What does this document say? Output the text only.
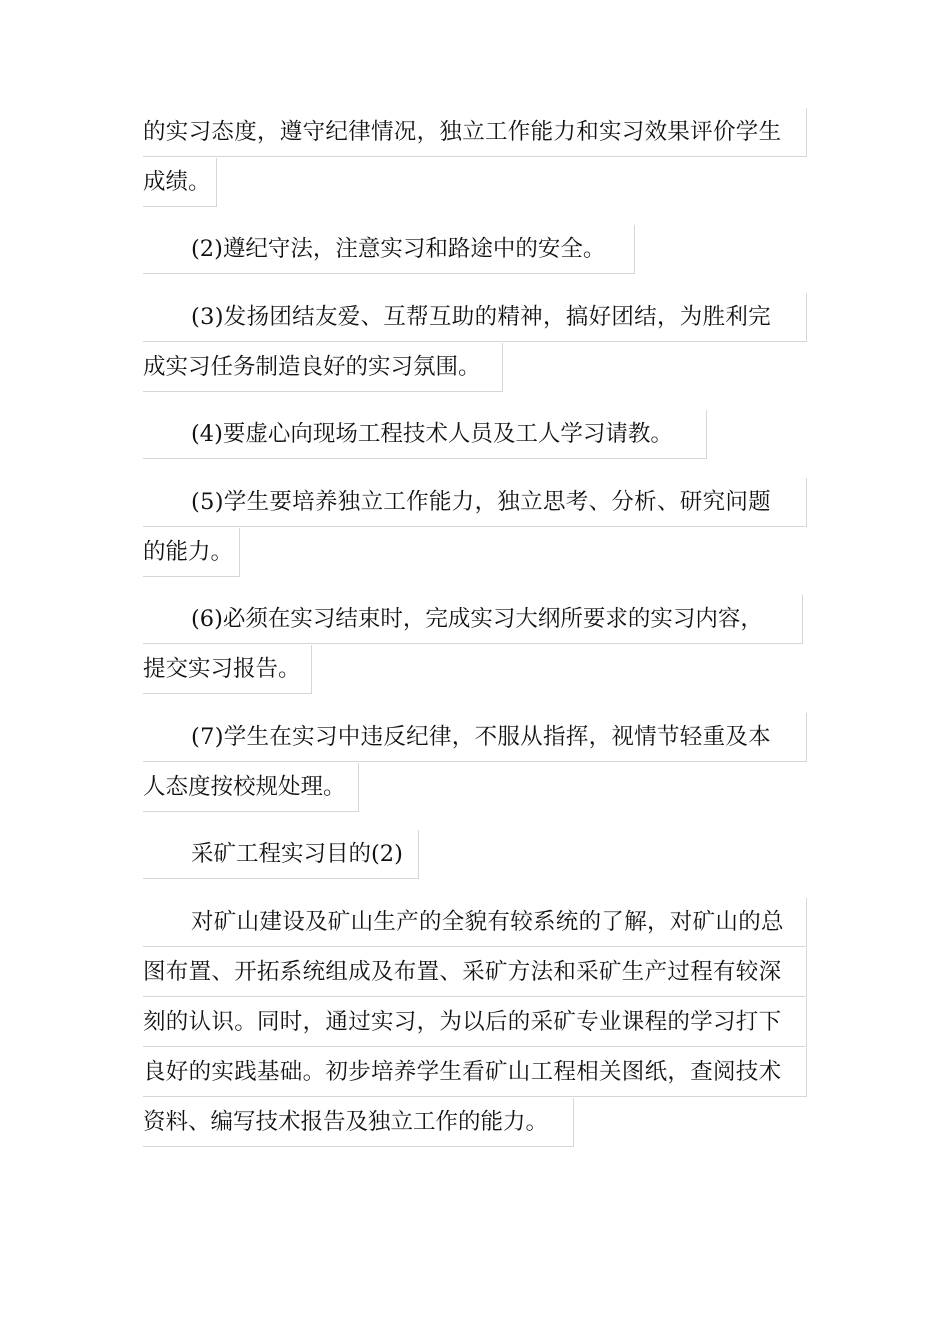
的实习态度，遵守纪律情况，独立工作能力和实习效果评价学生
成绩。
(2)遵纪守法，注意实习和路途中的安全。
(3)发扬团结友爱、互帮互助的精神，搞好团结，为胜利完
成实习任务制造良好的实习氛围。
(4)要虚心向现场工程技术人员及工人学习请教。
(5)学生要培养独立工作能力，独立思考、分析、研究问题
的能力。
(6)必须在实习结束时，完成实习大纲所要求的实习内容，
提交实习报告。
(7)学生在实习中违反纪律，不服从指挥，视情节轻重及本
人态度按校规处理。
采矿工程实习目的(2)
对矿山建设及矿山生产的全貌有较系统的了解，对矿山的总
图布置、开拓系统组成及布置、采矿方法和采矿生产过程有较深
刻的认识。同时，通过实习，为以后的采矿专业课程的学习打下
良好的实践基础。初步培养学生看矿山工程相关图纸，查阅技术
资料、编写技术报告及独立工作的能力。
